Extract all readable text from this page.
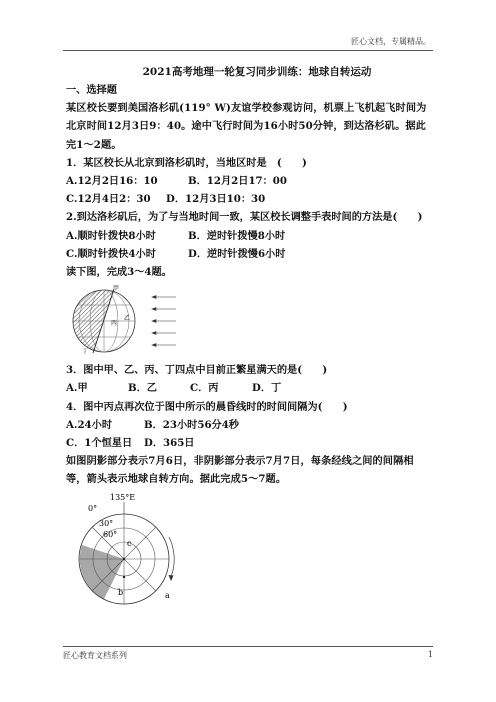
匠心文档，专属精品。
2021高考地理一轮复习同步训练：地球自转运动
一、选择题
某区校长要到美国洛杉矶(119° W)友谊学校参观访问，机票上飞机起飞时间为北京时间12月3日9：40。途中飞行时间为16小时50分钟，到达洛杉矶。据此完1～2题。
1．某区校长从北京到洛杉矶时，当地区时是　(　　)
A.12月2日16：10	B．12月2日17：00
C.12月4日2：30 D．12月3日10：30
2.到达洛杉矶后，为了与当地时间一致，某区校长调整手表时间的方法是(　　)
A.顺时针拨快8小时	B．逆时针拨慢8小时
C.顺时针拨快4小时	D．逆时针拨慢6小时
读下图，完成3～4题。
甲
乙
丙
丁
3．图中甲、乙、丙、丁四点中目前正繁星满天的是(　　)
A.甲	B．乙	C．丙	D．丁
4．图中丙点再次位于图中所示的晨昏线时的时间间隔为(　　)
A.24小时	B．23小时56分4秒
C．1个恒星日 D．365日
如图阴影部分表示7月6日，非阴影部分表示7月7日，每条经线之间的间隔相等，箭头表示地球自转方向。据此完成5～7题。
135°E
0°
30°
60°
c
b	a
匠心教育文档系列	1
